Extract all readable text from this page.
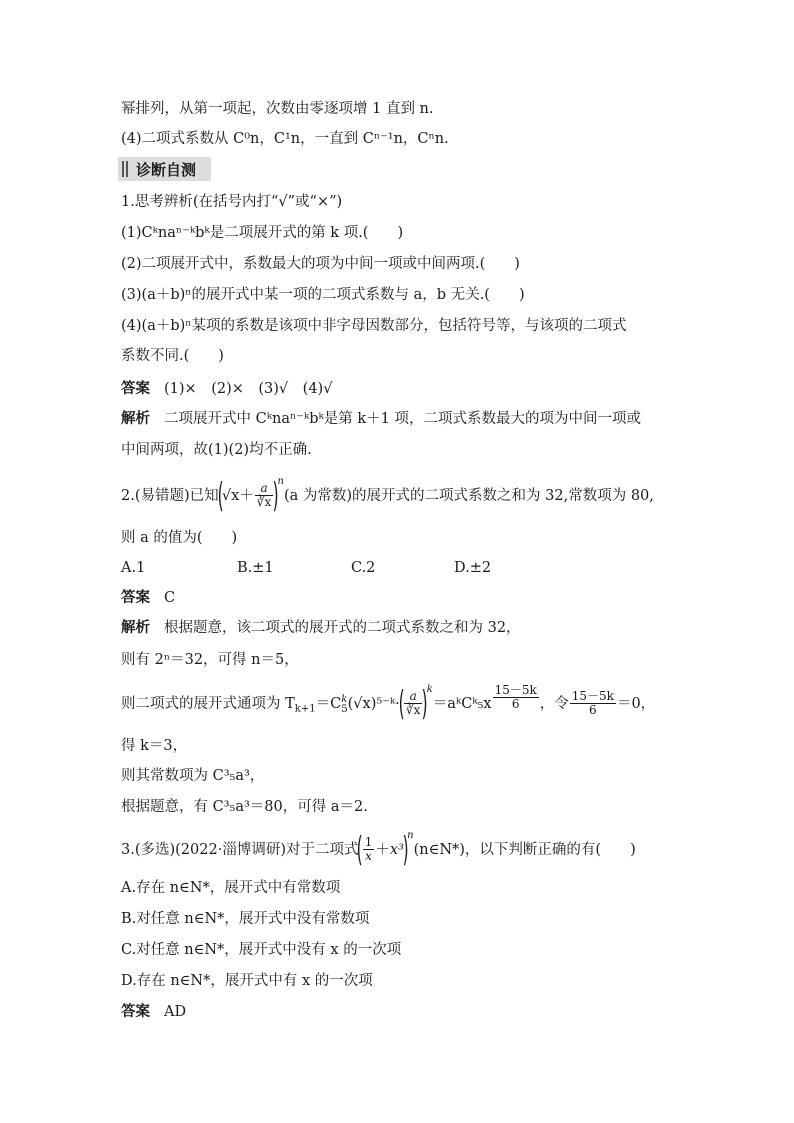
幂排列，从第一项起，次数由零逐项增 1 直到 n.
(4)二项式系数从 C⁰n，C¹n，一直到 Cⁿ⁻¹n，Cⁿn.
诊断自测
1.思考辨析(在括号内打“√”或“×”)
(1)Cᵏnaⁿ⁻ᵏbᵏ是二项展开式的第 k 项.(　　)
(2)二项展开式中，系数最大的项为中间一项或中间两项.(　　)
(3)(a＋b)ⁿ的展开式中某一项的二项式系数与 a，b 无关.(　　)
(4)(a＋b)ⁿ某项的系数是该项中非字母因数部分，包括符号等，与该项的二项式
系数不同.(　　)
答案 (1)×　(2)×　(3)√　(4)√
解析 二项展开式中 Cᵏnaⁿ⁻ᵏbᵏ是第 k＋1 项，二项式系数最大的项为中间一项或
中间两项，故(1)(2)均不正确.
2.(易错题)已知$(√x+ \frac{a}{∛x} )^n(a$ 为常数)的展开式的二项式系数之和为 32,常数项为 80,
则 a 的值为(　　)
A.1	B.±1	C.2	D.±2
答案 C
解析 根据题意，该二项式的展开式的二项式系数之和为 32，
则有 2ⁿ＝32，可得 n＝5，
则二项式的展开式通项为 $T_{k+1}=C^k_5(√x)^{5-}ᵏ\cdot( \frac{a}{∛x}$ )$^k$＝aᵏCᵏ₅x $\frac{15-5k}{6}$ ，令 $\frac{15-5k}{6} =0$，
得 k＝3，
则其常数项为 C³₅a³，
根据题意，有 C³₅a³＝80，可得 a＝2.
3.(多选)(2022·淄博调研)对于二项式( $\frac{1}{x}$ ＋x³)$^n$(n∈N*)，以下判断正确的有(　　)
A.存在 n∈N*，展开式中有常数项
B.对任意 n∈N*，展开式中没有常数项
C.对任意 n∈N*，展开式中没有 x 的一次项
D.存在 n∈N*，展开式中有 x 的一次项
答案 AD
